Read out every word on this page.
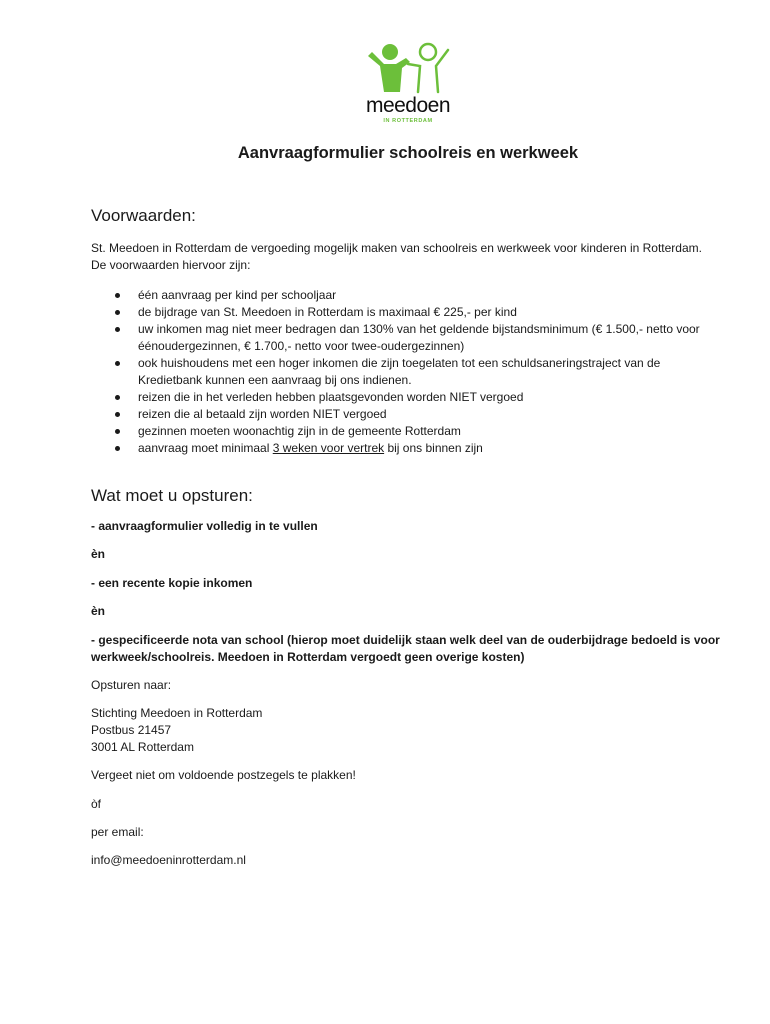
meedoen
IN ROTTERDAM
Aanvraagformulier schoolreis en werkweek
Voorwaarden:
St. Meedoen in Rotterdam de vergoeding mogelijk maken van schoolreis en werkweek voor kinderen in Rotterdam. De voorwaarden hiervoor zijn:
één aanvraag per kind per schooljaar
de bijdrage van St. Meedoen in Rotterdam is maximaal € 225,- per kind
uw inkomen mag niet meer bedragen dan 130% van het geldende bijstandsminimum (€ 1.500,- netto voor éénoudergezinnen, € 1.700,- netto voor twee-oudergezinnen)
ook huishoudens met een hoger inkomen die zijn toegelaten tot een schuldsaneringstraject van de Kredietbank kunnen een aanvraag bij ons indienen.
reizen die in het verleden hebben plaatsgevonden worden NIET vergoed
reizen die al betaald zijn worden NIET vergoed
gezinnen moeten woonachtig zijn in de gemeente Rotterdam
aanvraag moet minimaal 3 weken voor vertrek bij ons binnen zijn
Wat moet u opsturen:
- aanvraagformulier volledig in te vullen
èn
- een recente kopie inkomen
èn
- gespecificeerde nota van school (hierop moet duidelijk staan welk deel van de ouderbijdrage bedoeld is voor werkweek/schoolreis. Meedoen in Rotterdam vergoedt geen overige kosten)
Opsturen naar:
Stichting Meedoen in Rotterdam
Postbus 21457
3001 AL Rotterdam
Vergeet niet om voldoende postzegels te plakken!
òf
per email:
info@meedoeninrotterdam.nl
